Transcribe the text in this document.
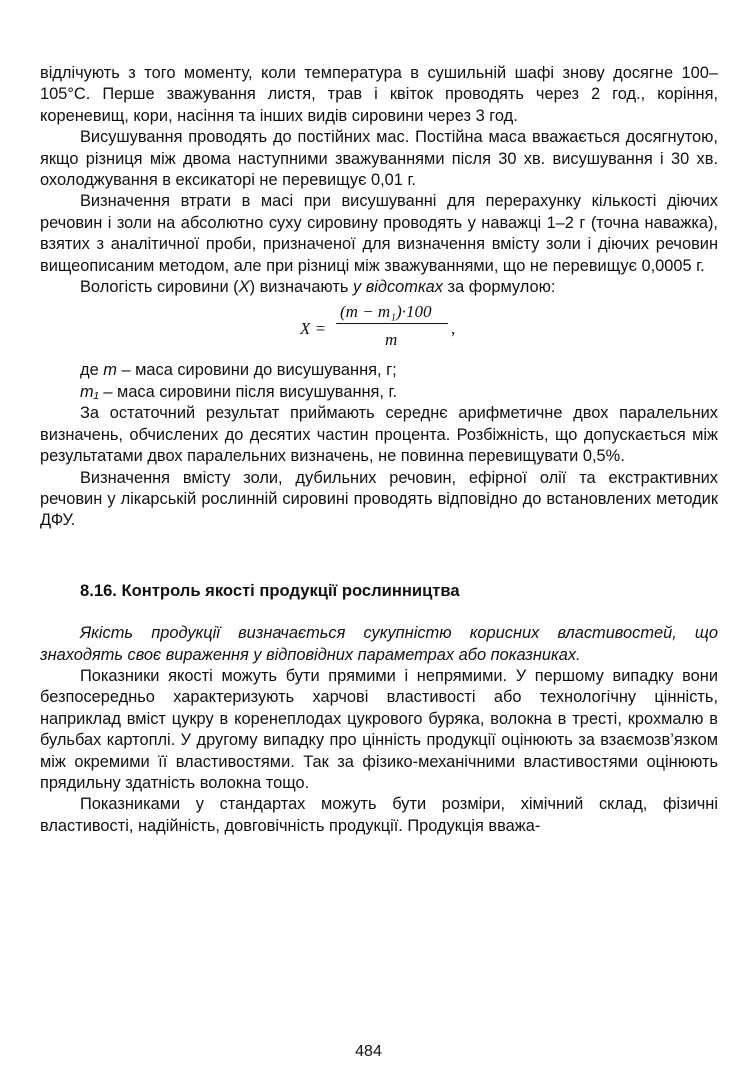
відлічують з того моменту, коли температура в сушильній шафі знову досягне 100–105°С. Перше зважування листя, трав і квіток проводять через 2 год., коріння, кореневищ, кори, насіння та інших видів сировини через 3 год.

Висушування проводять до постійних мас. Постійна маса вважається досягнутою, якщо різниця між двома наступними зважуваннями після 30 хв. висушування і 30 хв. охолоджування в ексикаторі не перевищує 0,01 г.

Визначення втрати в масі при висушуванні для перерахунку кількості діючих речовин і золи на абсолютно суху сировину проводять у наважці 1–2 г (точна наважка), взятих з аналітичної проби, призначеної для визначення вмісту золи і діючих речовин вищеописаним методом, але при різниці між зважуваннями, що не перевищує 0,0005 г.

Вологість сировини (X) визначають у відсотках за формулою:

X =
(m − m₁)·100
m
,

де m – маса сировини до висушування, г;

m₁ – маса сировини після висушування, г.

За остаточний результат приймають середнє арифметичне двох паралельних визначень, обчислених до десятих частин процента. Розбіжність, що допускається між результатами двох паралельних визначень, не повинна перевищувати 0,5%.

Визначення вмісту золи, дубильних речовин, ефірної олії та екстрактивних речовин у лікарській рослинній сировині проводять відповідно до встановлених методик ДФУ.

8.16. Контроль якості продукції рослинництва

Якість продукції визначається сукупністю корисних властивостей, що знаходять своє вираження у відповідних параметрах або показниках.

Показники якості можуть бути прямими і непрямими. У першому випадку вони безпосередньо характеризують харчові властивості або технологічну цінність, наприклад вміст цукру в коренеплодах цукрового буряка, волокна в тресті, крохмалю в бульбах картоплі. У другому випадку про цінність продукції оцінюють за взаємозв’язком між окремими її властивостями. Так за фізико-механічними властивостями оцінюють прядильну здатність волокна тощо.

Показниками у стандартах можуть бути розміри, хімічний склад, фізичні властивості, надійність, довговічність продукції. Продукція вважа-

484
